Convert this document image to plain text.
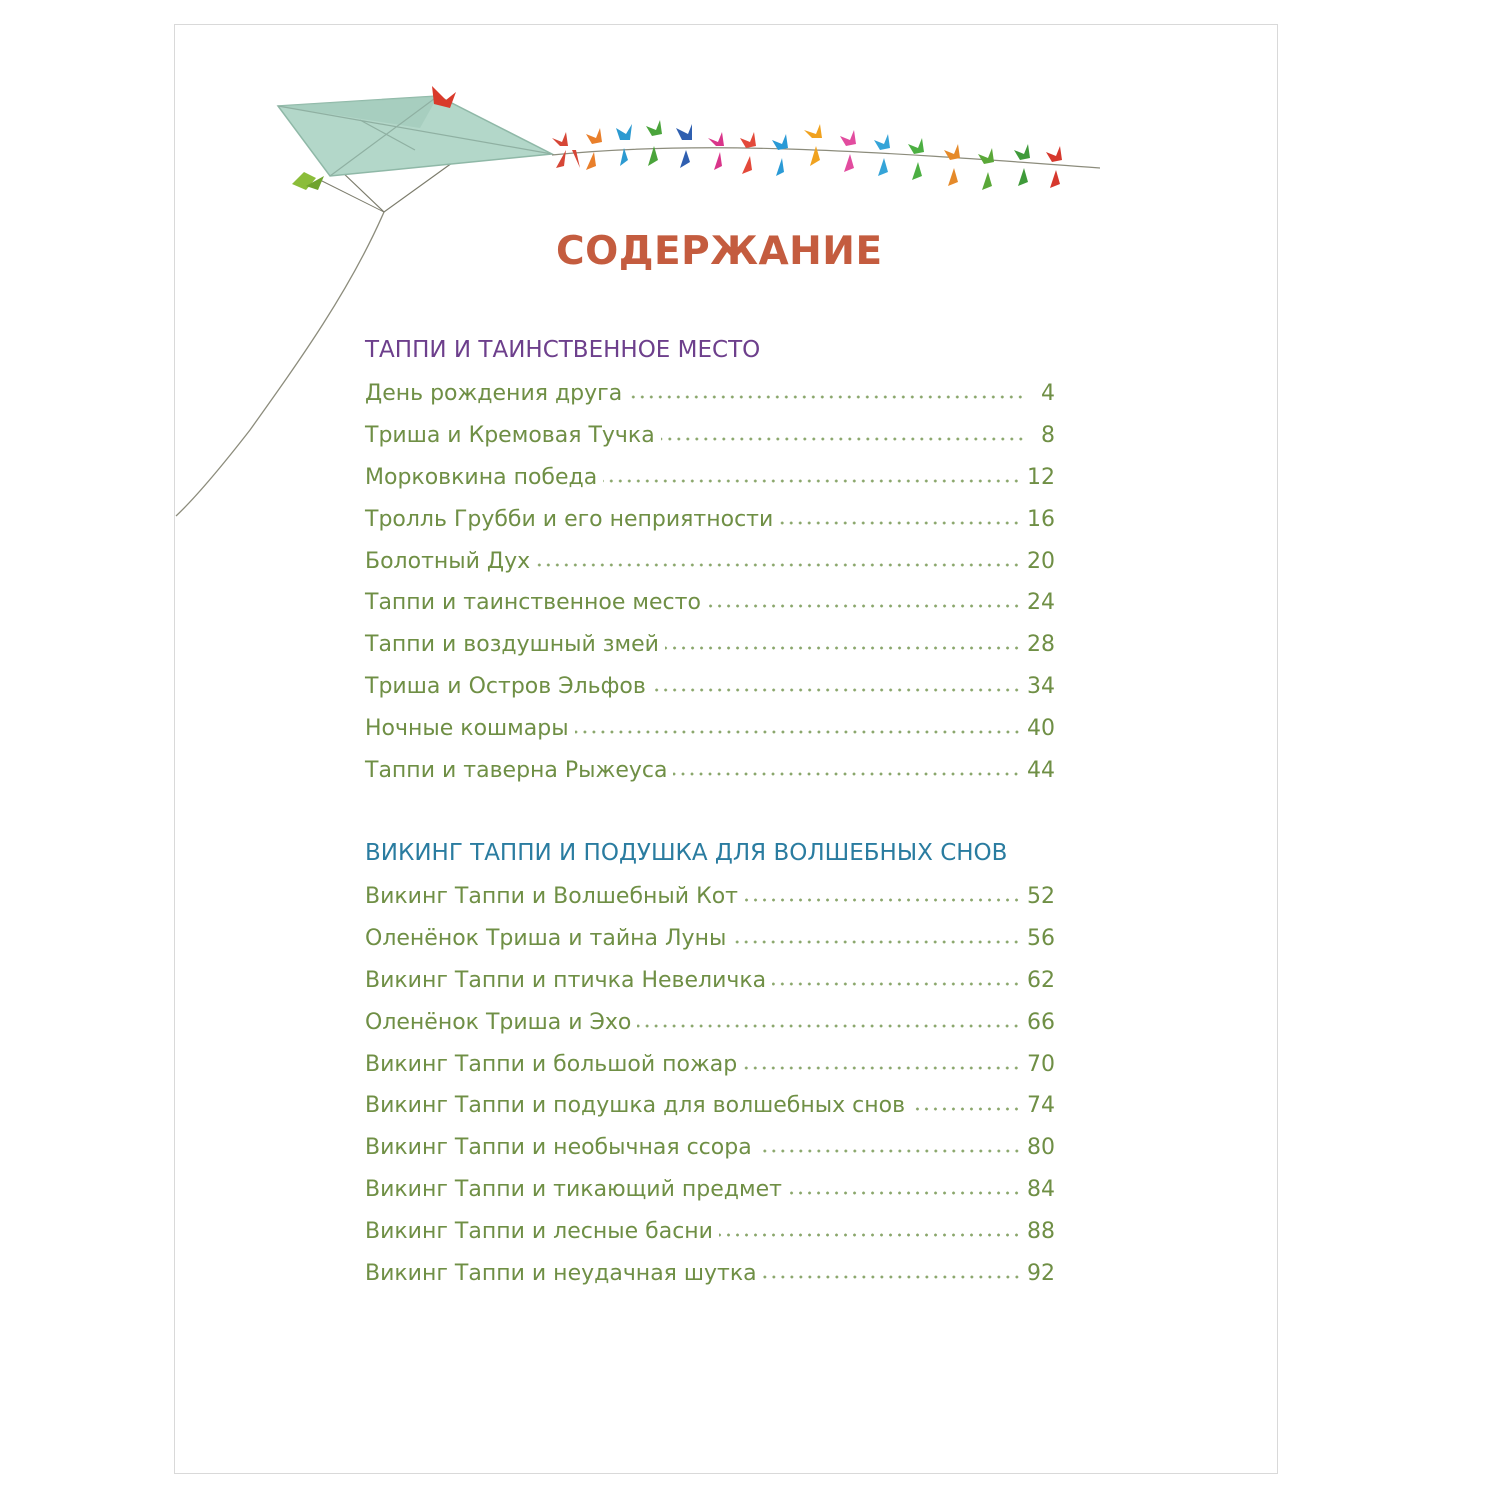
СОДЕРЖАНИЕ
ТАППИ И ТАИНСТВЕННОЕ МЕСТО
День рождения друга	4
Триша и Кремовая Тучка	8
Морковкина победа	12
Тролль Грубби и его неприятности	16
Болотный Дух	20
Таппи и таинственное место	24
Таппи и воздушный змей	28
Триша и Остров Эльфов	34
Ночные кошмары	40
Таппи и таверна Рыжеуса	44
ВИКИНГ ТАППИ И ПОДУШКА ДЛЯ ВОЛШЕБНЫХ СНОВ
Викинг Таппи и Волшебный Кот	52
Оленёнок Триша и тайна Луны	56
Викинг Таппи и птичка Невеличка	62
Оленёнок Триша и Эхо	66
Викинг Таппи и большой пожар	70
Викинг Таппи и подушка для волшебных снов	74
Викинг Таппи и необычная ссора	80
Викинг Таппи и тикающий предмет	84
Викинг Таппи и лесные басни	88
Викинг Таппи и неудачная шутка	92
